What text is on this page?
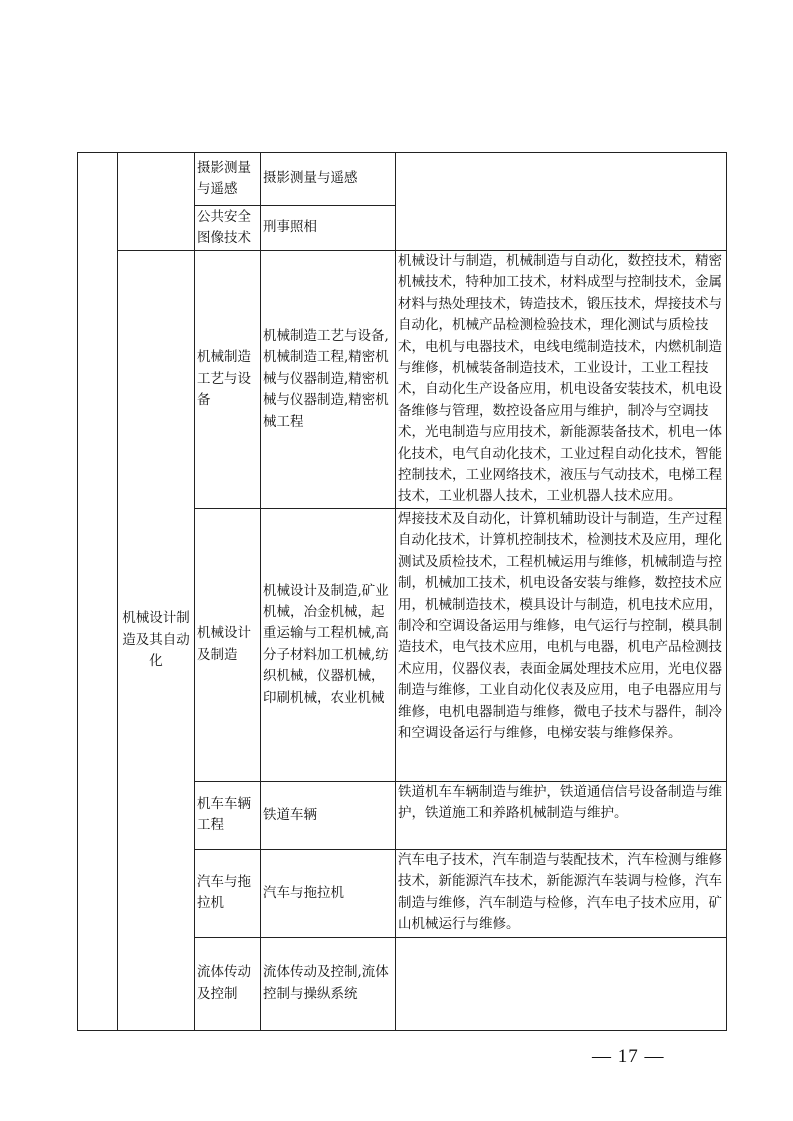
		摄影测量与遥感	摄影测量与遥感	
		公共安全图像技术	刑事照相	
	机械设计制造及其自动化	机械制造工艺与设备	机械制造工艺与设备,机械制造工程,精密机械与仪器制造,精密机械与仪器制造,精密机械工程	机械设计与制造，机械制造与自动化，数控技术，精密机械技术，特种加工技术，材料成型与控制技术，金属材料与热处理技术，铸造技术，锻压技术，焊接技术与自动化，机械产品检测检验技术，理化测试与质检技术，电机与电器技术，电线电缆制造技术，内燃机制造与维修，机械装备制造技术，工业设计，工业工程技术，自动化生产设备应用，机电设备安装技术，机电设备维修与管理，数控设备应用与维护，制冷与空调技术，光电制造与应用技术，新能源装备技术，机电一体化技术，电气自动化技术，工业过程自动化技术，智能控制技术，工业网络技术，液压与气动技术，电梯工程技术，工业机器人技术，工业机器人技术应用。
		机械设计及制造	机械设计及制造,矿业机械，冶金机械，起重运输与工程机械,高分子材料加工机械,纺织机械，仪器机械，印刷机械，农业机械	焊接技术及自动化，计算机辅助设计与制造，生产过程自动化技术，计算机控制技术，检测技术及应用，理化测试及质检技术，工程机械运用与维修，机械制造与控制，机械加工技术，机电设备安装与维修，数控技术应用，机械制造技术，模具设计与制造，机电技术应用，制冷和空调设备运用与维修，电气运行与控制，模具制造技术，电气技术应用，电机与电器，机电产品检测技术应用，仪器仪表，表面金属处理技术应用，光电仪器制造与维修，工业自动化仪表及应用，电子电器应用与维修，电机电器制造与维修，微电子技术与器件，制冷和空调设备运行与维修，电梯安装与维修保养。
		机车车辆工程	铁道车辆	铁道机车车辆制造与维护，铁道通信信号设备制造与维护，铁道施工和养路机械制造与维护。
		汽车与拖拉机	汽车与拖拉机	汽车电子技术，汽车制造与装配技术，汽车检测与维修技术，新能源汽车技术，新能源汽车装调与检修，汽车制造与维修，汽车制造与检修，汽车电子技术应用，矿山机械运行与维修。
		流体传动及控制	流体传动及控制,流体控制与操纵系统	
— 17 —
